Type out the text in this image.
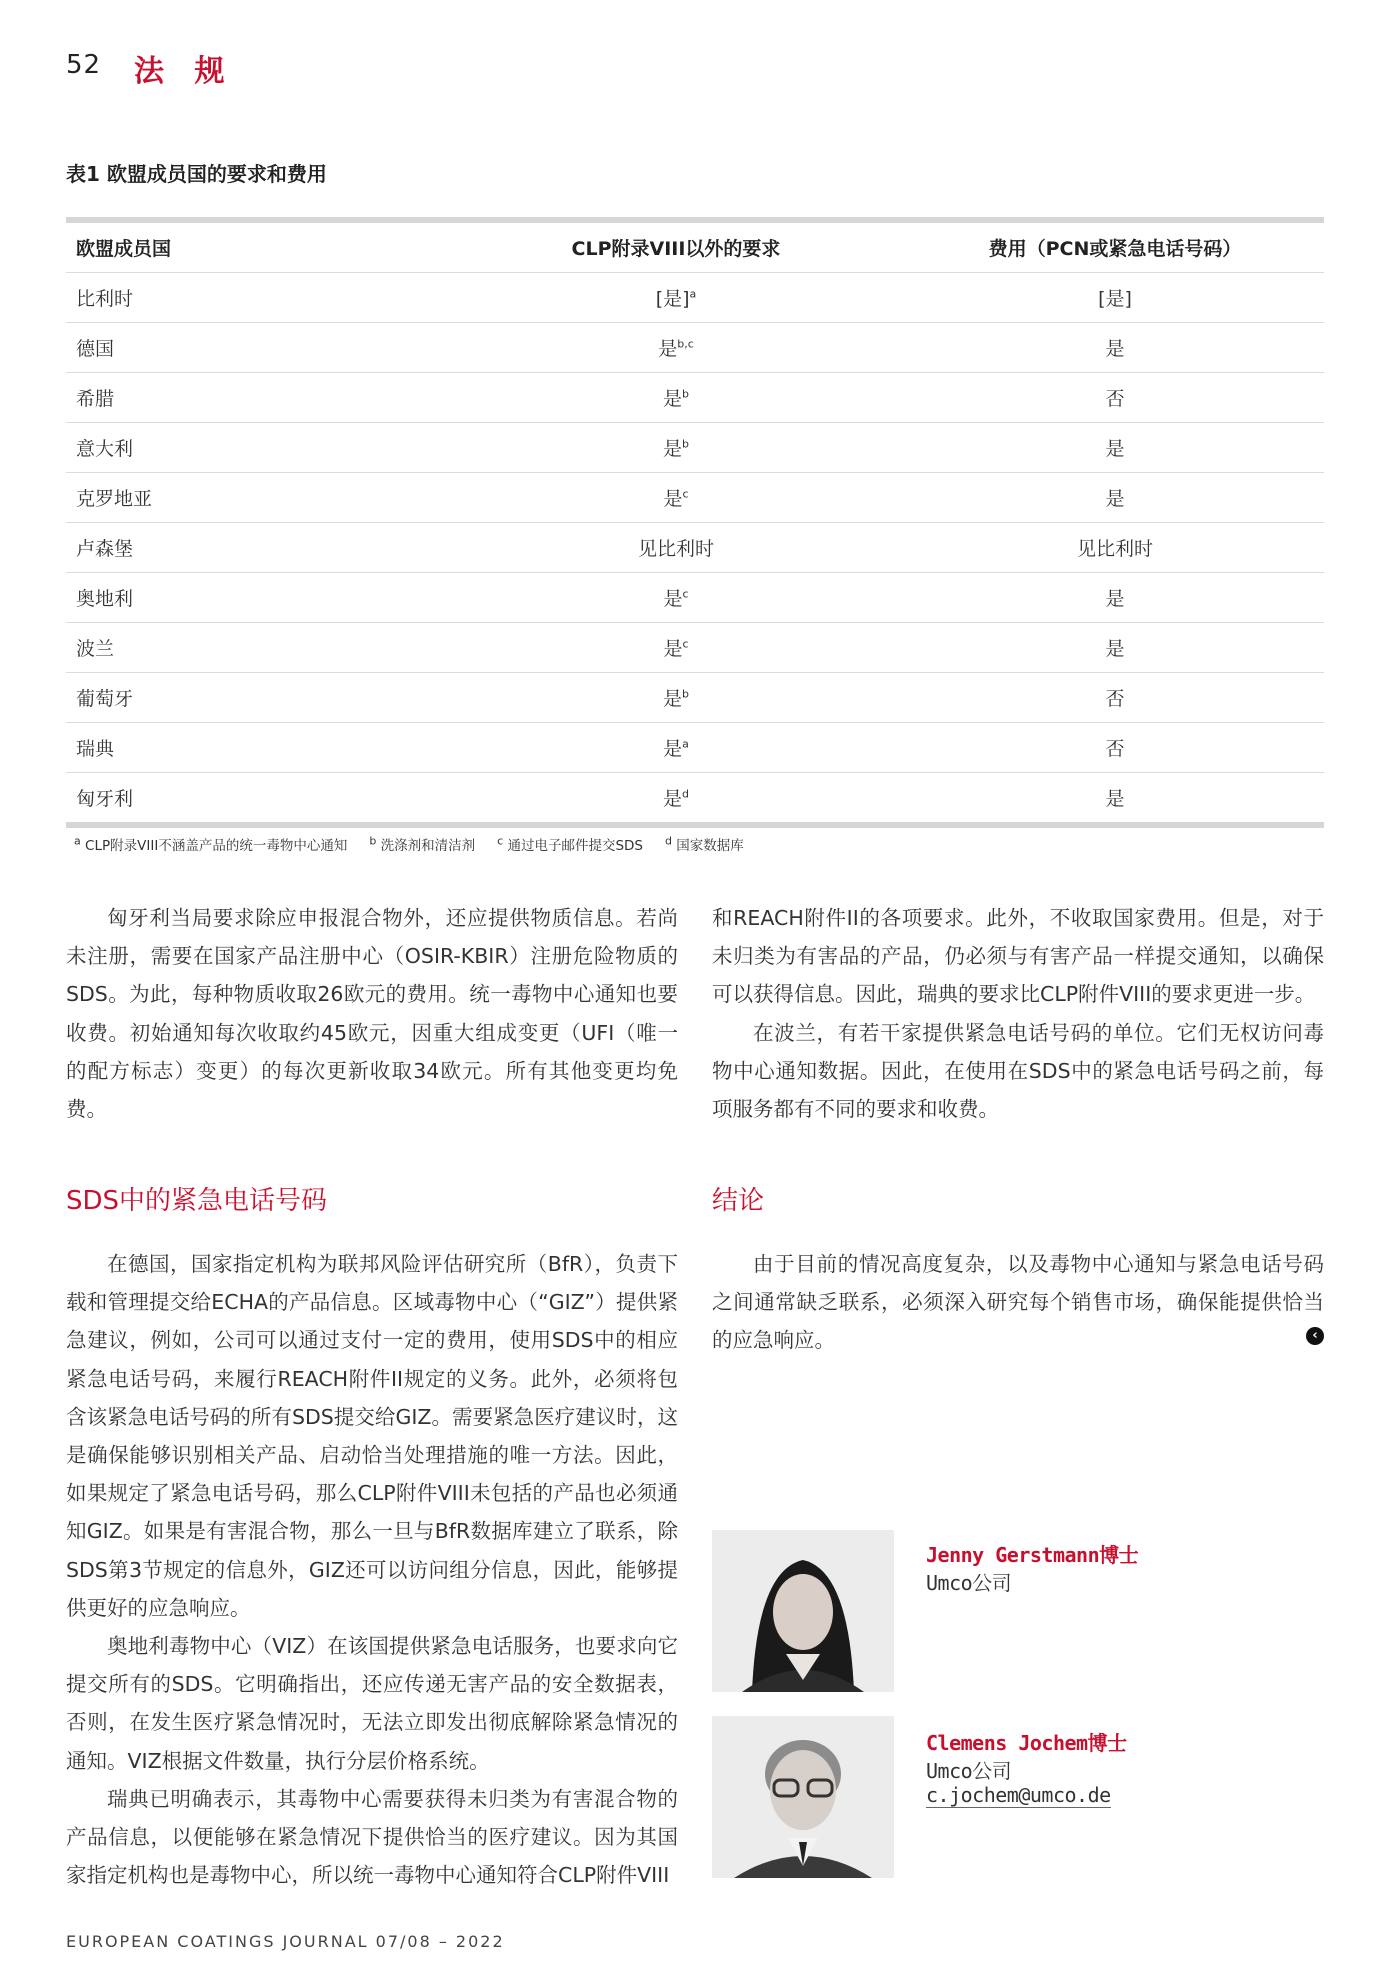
52 法 规
表1 欧盟成员国的要求和费用
欧盟成员国	CLP附录VIII以外的要求	费用（PCN或紧急电话号码）
比利时	[是]$^a$	[是]
德国	是$^{b,c}$	是
希腊	是$^b$	否
意大利	是$^b$	是
克罗地亚	是$^c$	是
卢森堡	见比利时	见比利时
奥地利	是$^c$	是
波兰	是$^c$	是
葡萄牙	是$^b$	否
瑞典	是$^a$	否
匈牙利	是$^d$	是
$^a$ CLP附录VIII不涵盖产品的统一毒物中心通知 $^b$ 洗涤剂和清洁剂 $^c$ 通过电子邮件提交SDS $^d$ 国家数据库

匈牙利当局要求除应申报混合物外，还应提供物质信息。若尚未注册，需要在国家产品注册中心（OSIR-KBIR）注册危险物质的SDS。为此，每种物质收取26欧元的费用。统一毒物中心通知也要收费。初始通知每次收取约45欧元，因重大组成变更（UFI（唯一的配方标志）变更）的每次更新收取34欧元。所有其他变更均免费。

和REACH附件II的各项要求。此外，不收取国家费用。但是，对于未归类为有害品的产品，仍必须与有害产品一样提交通知，以确保可以获得信息。因此，瑞典的要求比CLP附件VIII的要求更进一步。

在波兰，有若干家提供紧急电话号码的单位。它们无权访问毒物中心通知数据。因此，在使用在SDS中的紧急电话号码之前，每项服务都有不同的要求和收费。

SDS中的紧急电话号码	结论

在德国，国家指定机构为联邦风险评估研究所（BfR），负责下载和管理提交给ECHA的产品信息。区域毒物中心（“GIZ”）提供紧急建议，例如，公司可以通过支付一定的费用，使用SDS中的相应紧急电话号码，来履行REACH附件II规定的义务。此外，必须将包含该紧急电话号码的所有SDS提交给GIZ。需要紧急医疗建议时，这是确保能够识别相关产品、启动恰当处理措施的唯一方法。因此，如果规定了紧急电话号码，那么CLP附件VIII未包括的产品也必须通知GIZ。如果是有害混合物，那么一旦与BfR数据库建立了联系，除SDS第3节规定的信息外，GIZ还可以访问组分信息，因此，能够提供更好的应急响应。

奥地利毒物中心（VIZ）在该国提供紧急电话服务，也要求向它提交所有的SDS。它明确指出，还应传递无害产品的安全数据表，否则，在发生医疗紧急情况时，无法立即发出彻底解除紧急情况的通知。VIZ根据文件数量，执行分层价格系统。

瑞典已明确表示，其毒物中心需要获得未归类为有害混合物的产品信息，以便能够在紧急情况下提供恰当的医疗建议。因为其国家指定机构也是毒物中心，所以统一毒物中心通知符合CLP附件VIII

由于目前的情况高度复杂，以及毒物中心通知与紧急电话号码之间通常缺乏联系，必须深入研究每个销售市场，确保能提供恰当的应急响应。	‹
Jenny Gerstmann博士
Umco公司
Clemens Jochem博士
Umco公司
c.jochem@umco.de
EUROPEAN COATINGS JOURNAL 07/08 – 2022
